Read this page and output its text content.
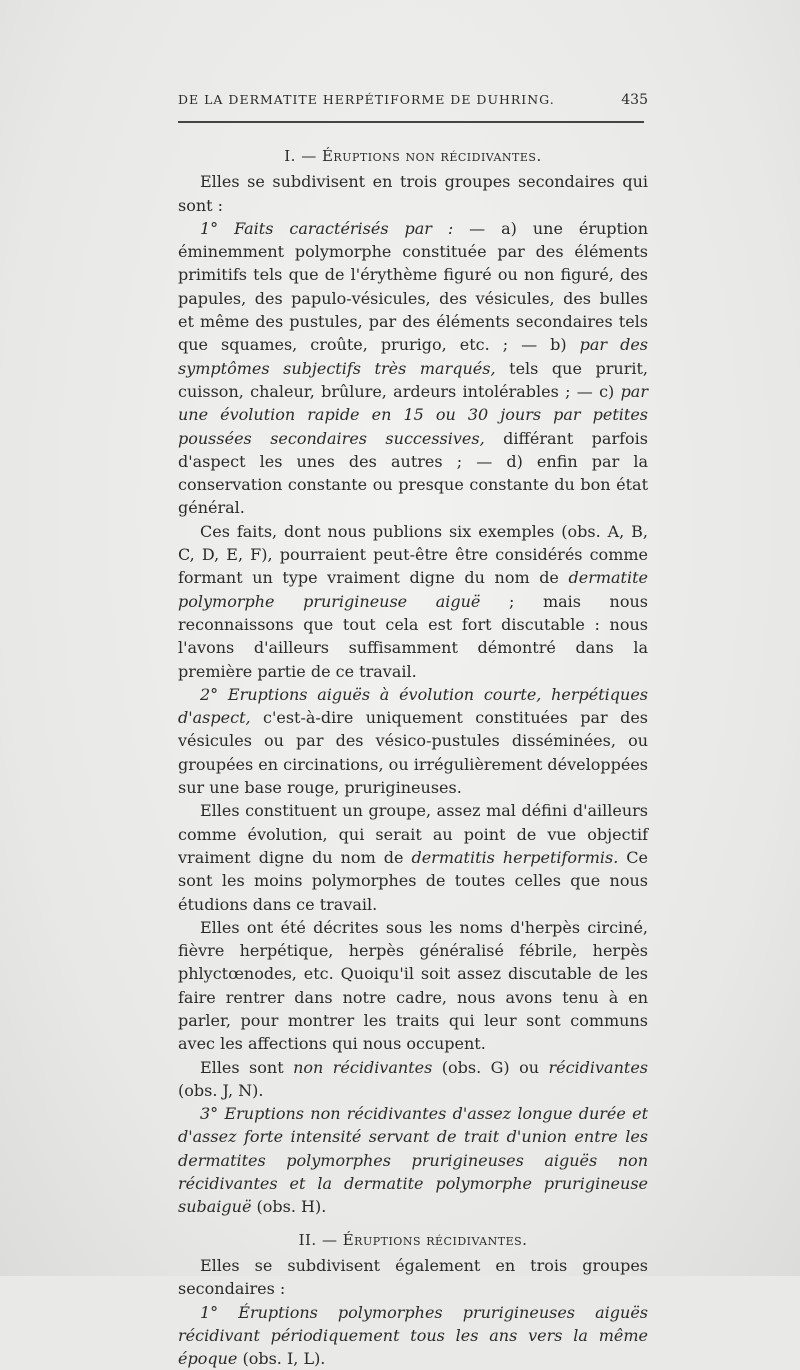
DE LA DERMATITE HERPÉTIFORME DE DUHRING.	435
I. — Éruptions non récidivantes.

Elles se subdivisent en trois groupes secondaires qui sont :

1° Faits caractérisés par : — a) une éruption éminemment polymorphe constituée par des éléments primitifs tels que de l'érythème figuré ou non figuré, des papules, des papulo-vésicules, des vésicules, des bulles et même des pustules, par des éléments secondaires tels que squames, croûte, prurigo, etc. ; — b) par des symptômes subjectifs très marqués, tels que prurit, cuisson, chaleur, brûlure, ardeurs intolérables ; — c) par une évolution rapide en 15 ou 30 jours par petites poussées secondaires successives, différant parfois d'aspect les unes des autres ; — d) enfin par la conservation constante ou presque constante du bon état général.

Ces faits, dont nous publions six exemples (obs. A, B, C, D, E, F), pourraient peut-être être considérés comme formant un type vraiment digne du nom de dermatite polymorphe prurigineuse aiguë ; mais nous reconnaissons que tout cela est fort discutable : nous l'avons d'ailleurs suffisamment démontré dans la première partie de ce travail.

2° Eruptions aiguës à évolution courte, herpétiques d'aspect, c'est-à-dire uniquement constituées par des vésicules ou par des vésico-pustules disséminées, ou groupées en circinations, ou irrégulièrement développées sur une base rouge, prurigineuses.

Elles constituent un groupe, assez mal défini d'ailleurs comme évolution, qui serait au point de vue objectif vraiment digne du nom de dermatitis herpetiformis. Ce sont les moins polymorphes de toutes celles que nous étudions dans ce travail.

Elles ont été décrites sous les noms d'herpès circiné, fièvre herpétique, herpès généralisé fébrile, herpès phlyctœnodes, etc. Quoiqu'il soit assez discutable de les faire rentrer dans notre cadre, nous avons tenu à en parler, pour montrer les traits qui leur sont communs avec les affections qui nous occupent.

Elles sont non récidivantes (obs. G) ou récidivantes (obs. J, N).

3° Eruptions non récidivantes d'assez longue durée et d'assez forte intensité servant de trait d'union entre les dermatites polymorphes prurigineuses aiguës non récidivantes et la dermatite polymorphe prurigineuse subaiguë (obs. H).

II. — Éruptions récidivantes.

Elles se subdivisent également en trois groupes secondaires :

1° Éruptions polymorphes prurigineuses aiguës récidivant périodiquement tous les ans vers la même époque (obs. I, L).
